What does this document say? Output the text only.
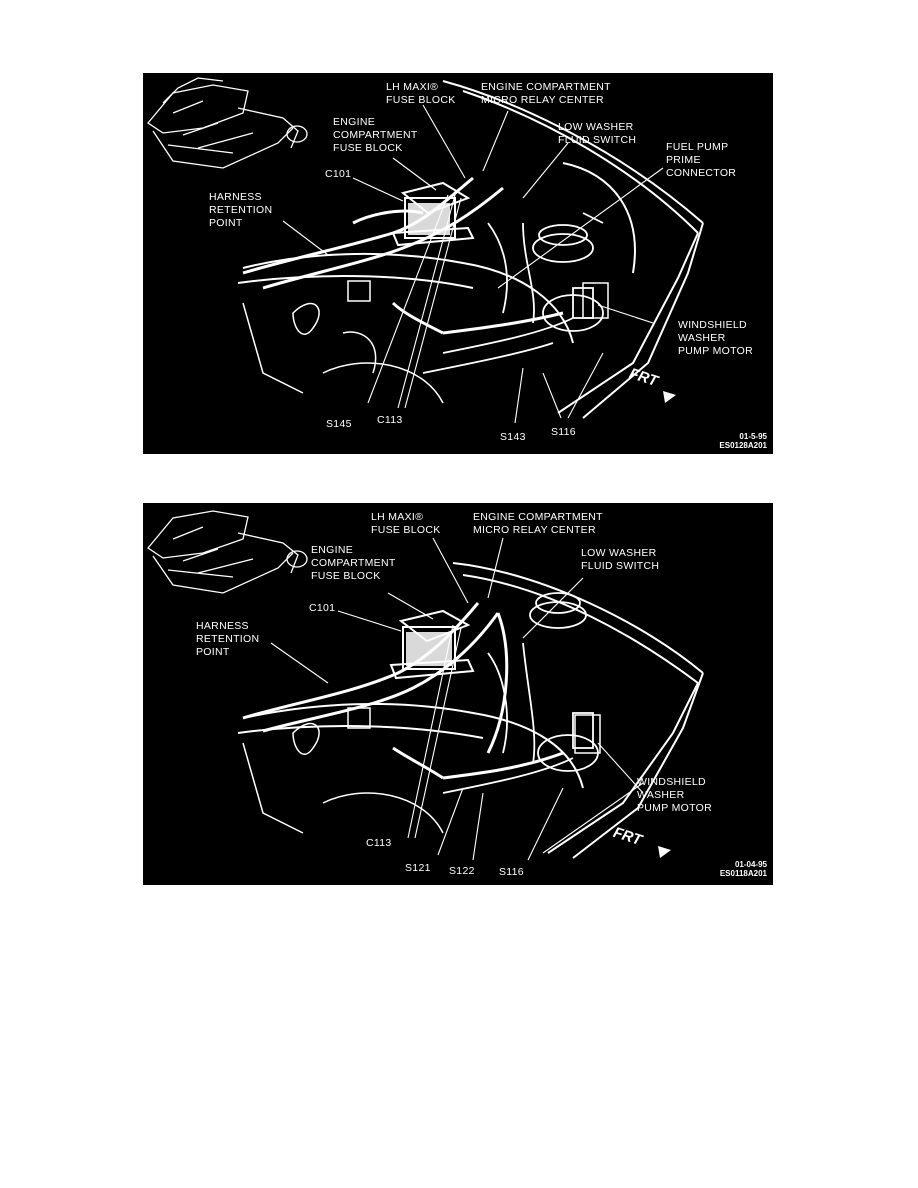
LH MAXI®
FUSE BLOCK
ENGINE COMPARTMENT
MICRO RELAY CENTER
ENGINE
COMPARTMENT
FUSE BLOCK
LOW WASHER
FLUID SWITCH
FUEL PUMP
PRIME
CONNECTOR
C101
HARNESS
RETENTION
POINT
WINDSHIELD
WASHER
PUMP MOTOR
FRT
S145 C113
S143 S116	01-5-95
ES0128A201
LH MAXI®
FUSE BLOCK
ENGINE COMPARTMENT
MICRO RELAY CENTER
ENGINE
COMPARTMENT
FUSE BLOCK
LOW WASHER
FLUID SWITCH
C101
HARNESS
RETENTION
POINT
WINDSHIELD
WASHER
PUMP MOTOR
FRT
C113
S121 S122 S116
01-04-95
ES0118A201
